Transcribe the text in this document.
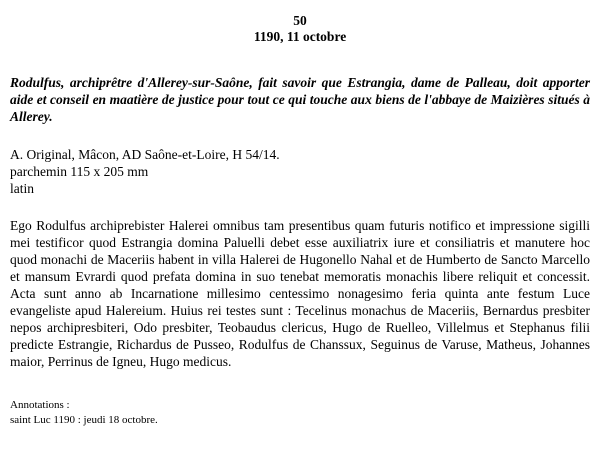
50
1190, 11 octobre

Rodulfus, archiprêtre d'Allerey-sur-Saône, fait savoir que Estrangia, dame de Palleau, doit apporter aide et conseil en maatière de justice pour tout ce qui touche aux biens de l'abbaye de Maizières situés à Allerey.

A. Original, Mâcon, AD Saône-et-Loire, H 54/14.
parchemin 115 x 205 mm
latin

Ego Rodulfus archiprebister Halerei omnibus tam presentibus quam futuris notifico et impressione sigilli mei testificor quod Estrangia domina Paluelli debet esse auxiliatrix iure et consiliatris et manutere hoc quod monachi de Maceriis habent in villa Halerei de Hugonello Nahal et de Humberto de Sancto Marcello et mansum Evrardi quod prefata domina in suo tenebat memoratis monachis libere reliquit et concessit. Acta sunt anno ab Incarnatione millesimo centessimo nonagesimo feria quinta ante festum Luce evangeliste apud Halereium. Huius rei testes sunt : Tecelinus monachus de Maceriis, Bernardus presbiter nepos archipresbiteri, Odo presbiter, Teobaudus clericus, Hugo de Ruelleo, Villelmus et Stephanus filii predicte Estrangie, Richardus de Pusseo, Rodulfus de Chanssux, Seguinus de Varuse, Matheus, Johannes maior, Perrinus de Igneu, Hugo medicus.

Annotations :
saint Luc 1190 : jeudi 18 octobre.
